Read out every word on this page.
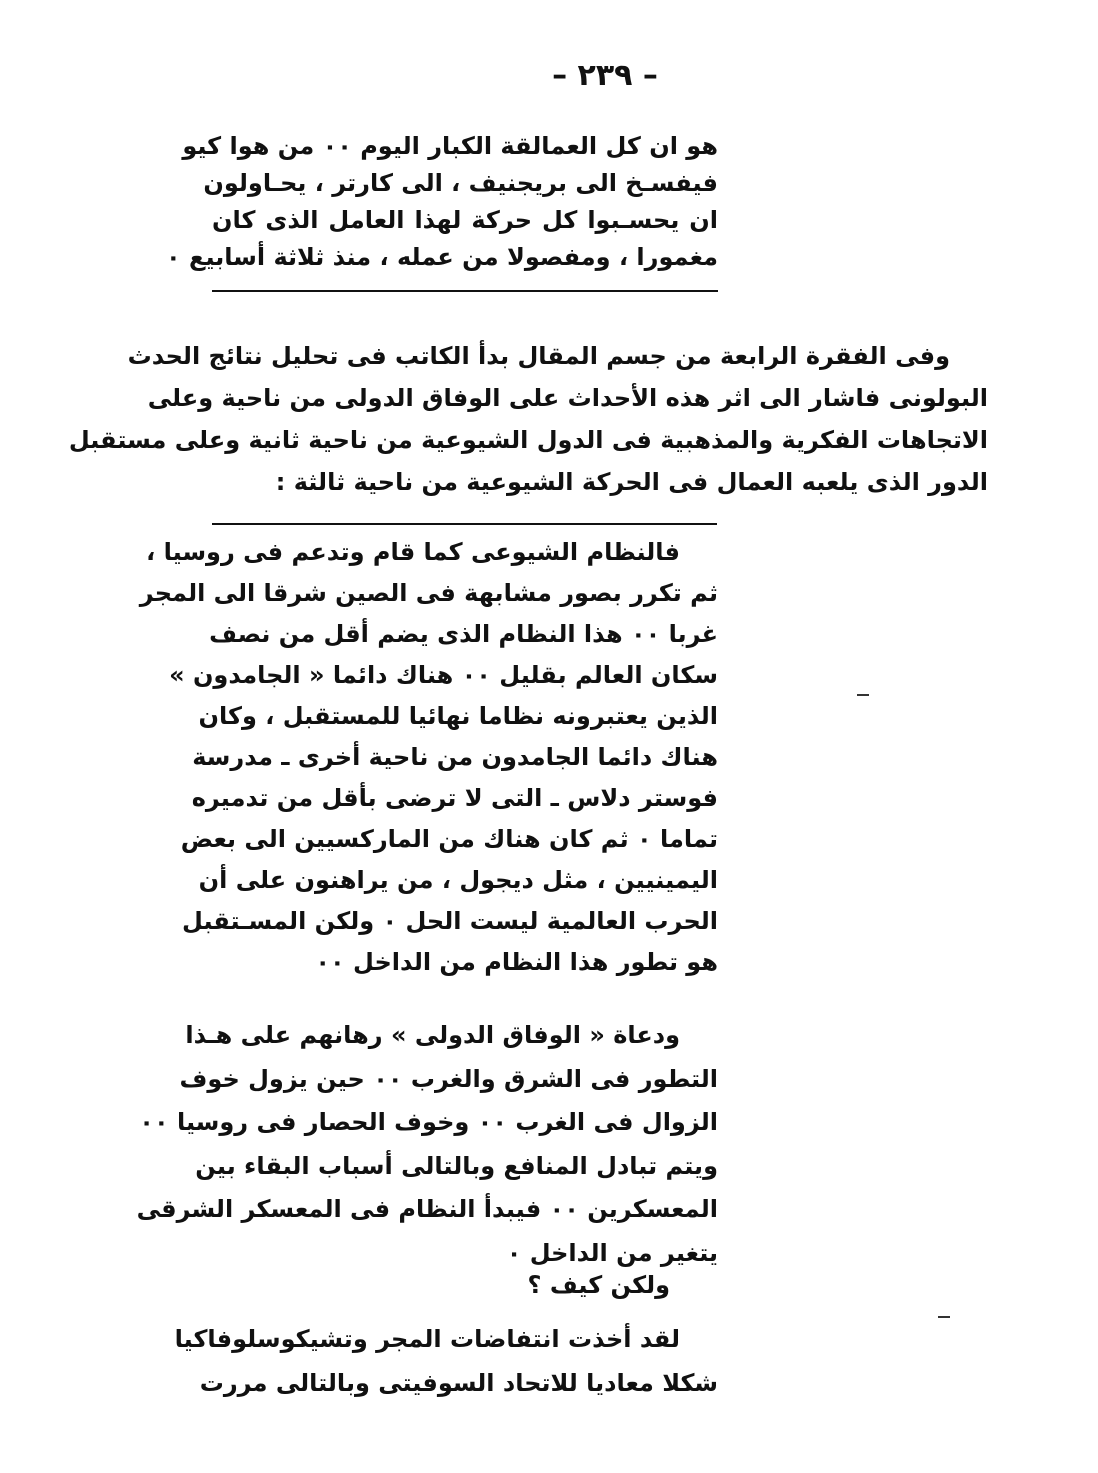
– ٢٣٩ –
هو ان كل العمالقة الكبار اليوم ٠٠ من هوا كيو
فيفسـخ الى بريجنيف ، الى كارتر ، يحـاولون
ان يحسـبوا كل حركة لهذا العامل الذى كان
مغمورا ، ومفصولا من عمله ، منذ ثلاثة أسابيع ٠
وفى الفقرة الرابعة من جسم المقال بدأ الكاتب فى تحليل نتائج الحدث
البولونى فاشار الى اثر هذه الأحداث على الوفاق الدولى من ناحية وعلى
الاتجاهات الفكرية والمذهبية فى الدول الشيوعية من ناحية ثانية وعلى مستقبل
الدور الذى يلعبه العمال فى الحركة الشيوعية من ناحية ثالثة :
فالنظام الشيوعى كما قام وتدعم فى روسيا ،
ثم تكرر بصور مشابهة فى الصين شرقا الى المجر
غربا ٠٠ هذا النظام الذى يضم أقل من نصف
سكان العالم بقليل ٠٠ هناك دائما « الجامدون »
الذين يعتبرونه نظاما نهائيا للمستقبل ، وكان
هناك دائما الجامدون من ناحية أخرى ـ مدرسة
فوستر دلاس ـ التى لا ترضى بأقل من تدميره
تماما ٠ ثم كان هناك من الماركسيين الى بعض
اليمينيين ، مثل ديجول ، من يراهنون على أن
الحرب العالمية ليست الحل ٠ ولكن المسـتقبل
هو تطور هذا النظام من الداخل ٠٠
ودعاة « الوفاق الدولى » رهانهم على هـذا
التطور فى الشرق والغرب ٠٠ حين يزول خوف
الزوال فى الغرب ٠٠ وخوف الحصار فى روسيا ٠٠
ويتم تبادل المنافع وبالتالى أسباب البقاء بين
المعسكرين ٠٠ فيبدأ النظام فى المعسكر الشرقى
يتغير من الداخل ٠
ولكن كيف ؟
لقد أخذت انتفاضات المجر وتشيكوسلوفاكيا
شكلا معاديا للاتحاد السوفيتى وبالتالى مررت
